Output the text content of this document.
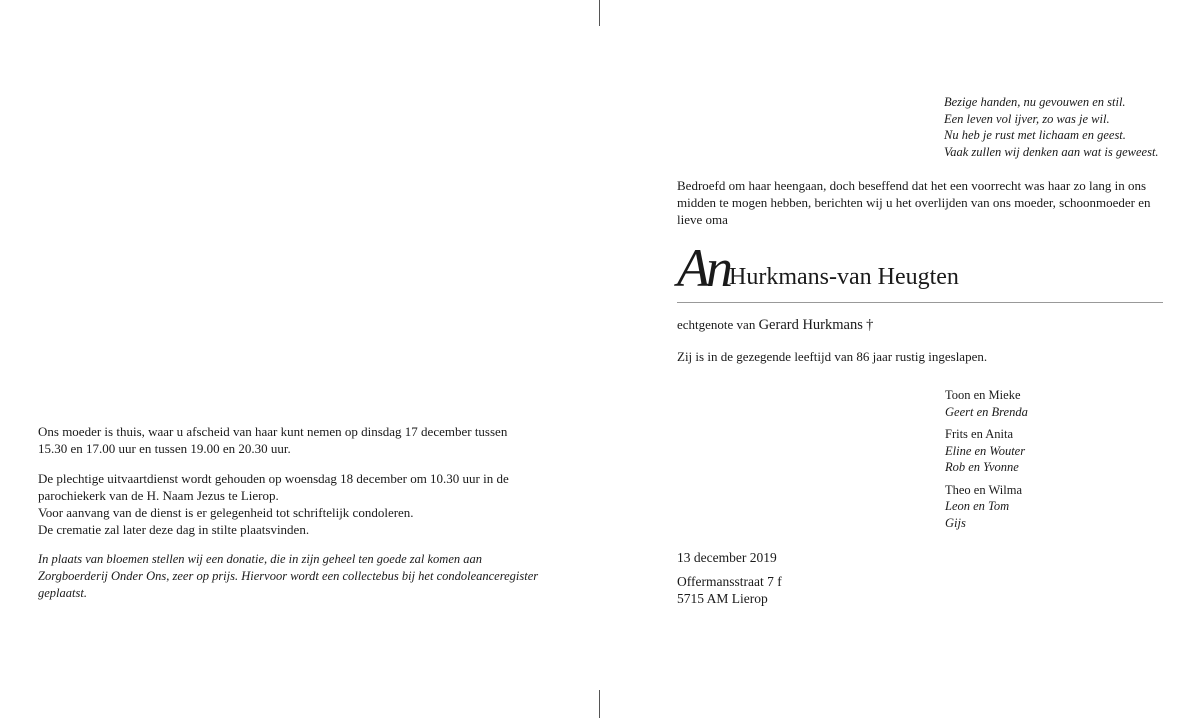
Bezige handen, nu gevouwen en stil.
Een leven vol ijver, zo was je wil.
Nu heb je rust met lichaam en geest.
Vaak zullen wij denken aan wat is geweest.
Bedroefd om haar heengaan, doch beseffend dat het een voorrecht was haar zo lang in ons midden te mogen hebben, berichten wij u het overlijden van ons moeder, schoonmoeder en lieve oma
An Hurkmans-van Heugten
echtgenote van Gerard Hurkmans †
Zij is in de gezegende leeftijd van 86 jaar rustig ingeslapen.
Toon en Mieke
Geert en Brenda
Frits en Anita
Eline en Wouter
Rob en Yvonne
Theo en Wilma
Leon en Tom
Gijs
13 december 2019
Offermansstraat 7 f
5715 AM Lierop

Ons moeder is thuis, waar u afscheid van haar kunt nemen op dinsdag 17 december tussen
15.30 en 17.00 uur en tussen 19.00 en 20.30 uur.

De plechtige uitvaartdienst wordt gehouden op woensdag 18 december om 10.30 uur in de
parochiekerk van de H. Naam Jezus te Lierop.
Voor aanvang van de dienst is er gelegenheid tot schriftelijk condoleren.
De crematie zal later deze dag in stilte plaatsvinden.

In plaats van bloemen stellen wij een donatie, die in zijn geheel ten goede zal komen aan
Zorgboerderij Onder Ons, zeer op prijs. Hiervoor wordt een collectebus bij het condoleanceregister
geplaatst.
